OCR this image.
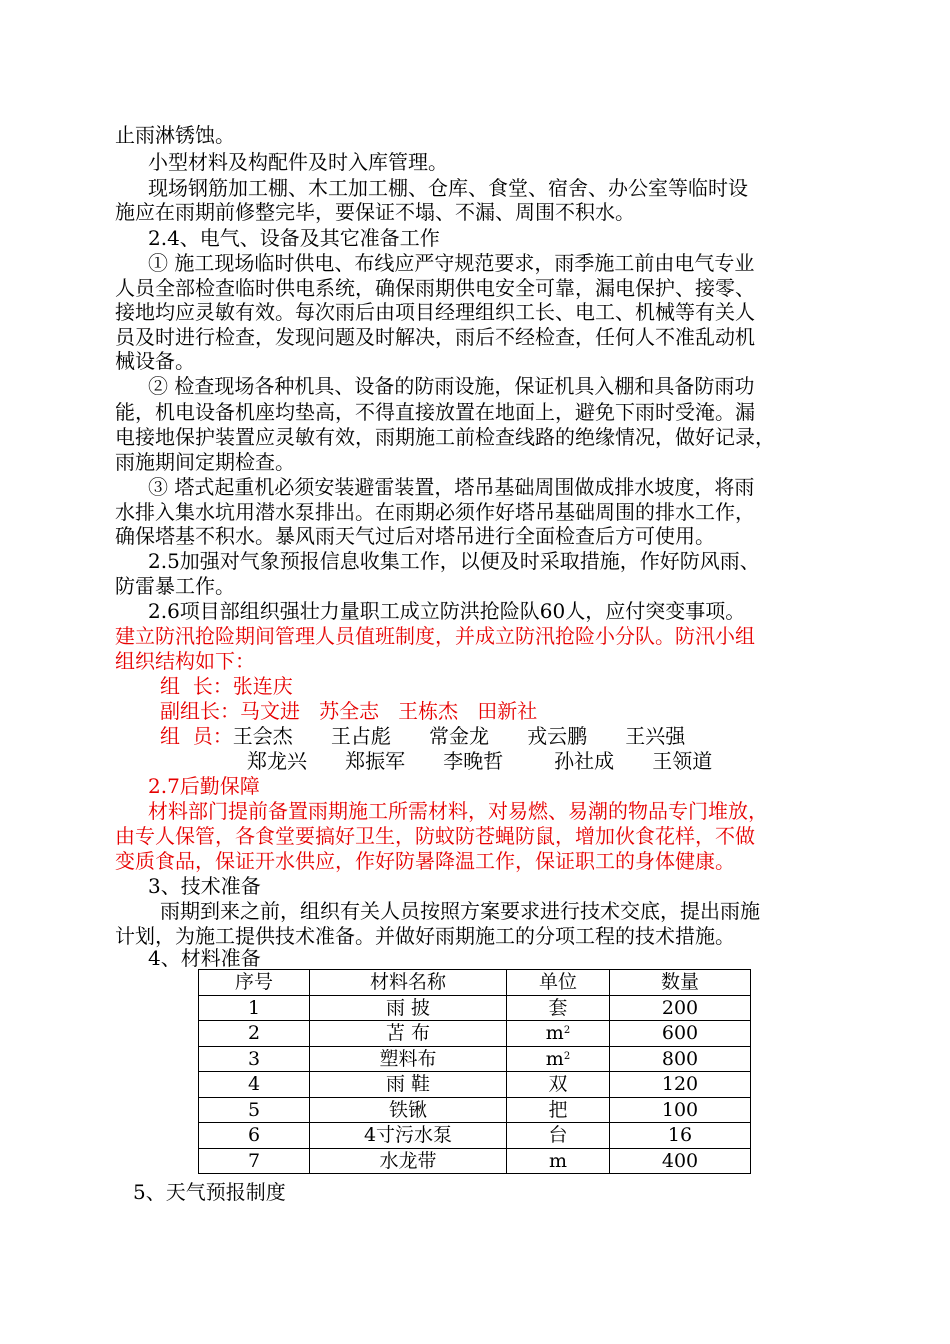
止雨淋锈蚀。
小型材料及构配件及时入库管理。
现场钢筋加工棚、木工加工棚、仓库、食堂、宿舍、办公室等临时设
施应在雨期前修整完毕，要保证不塌、不漏、周围不积水。
2.4、电气、设备及其它准备工作
① 施工现场临时供电、布线应严守规范要求，雨季施工前由电气专业
人员全部检查临时供电系统，确保雨期供电安全可靠，漏电保护、接零、
接地均应灵敏有效。每次雨后由项目经理组织工长、电工、机械等有关人
员及时进行检查，发现问题及时解决，雨后不经检查，任何人不准乱动机
械设备。
② 检查现场各种机具、设备的防雨设施，保证机具入棚和具备防雨功
能，机电设备机座均垫高，不得直接放置在地面上，避免下雨时受淹。漏
电接地保护装置应灵敏有效，雨期施工前检查线路的绝缘情况，做好记录，
雨施期间定期检查。
③ 塔式起重机必须安装避雷装置，塔吊基础周围做成排水坡度，将雨
水排入集水坑用潜水泵排出。在雨期必须作好塔吊基础周围的排水工作，
确保塔基不积水。暴风雨天气过后对塔吊进行全面检查后方可使用。
2.5加强对气象预报信息收集工作，以便及时采取措施，作好防风雨、
防雷暴工作。
2.6项目部组织强壮力量职工成立防洪抢险队60人，应付突变事项。
建立防汛抢险期间管理人员值班制度，并成立防汛抢险小分队。防汛小组
组织结构如下：
组  长：张连庆
副组长：马文进   苏全志   王栋杰   田新社
组  员：王会杰      王占彪      常金龙      戎云鹏      王兴强
郑龙兴      郑振军      李晚哲        孙社成      王领道
2.7后勤保障
材料部门提前备置雨期施工所需材料，对易燃、易潮的物品专门堆放，
由专人保管，各食堂要搞好卫生，防蚊防苍蝇防鼠，增加伙食花样，不做
变质食品，保证开水供应，作好防暑降温工作，保证职工的身体健康。
3、技术准备
雨期到来之前，组织有关人员按照方案要求进行技术交底，提出雨施
计划，为施工提供技术准备。并做好雨期施工的分项工程的技术措施。
4、材料准备
序号	材料名称	单位	数量
1	雨 披	套	200
2	苫 布	$m^2$	600
3	塑料布	$m^2$	800
4	雨 鞋	双	120
5	铁锹	把	100
6	4寸污水泵	台	16
7	水龙带	m	400
5、天气预报制度
